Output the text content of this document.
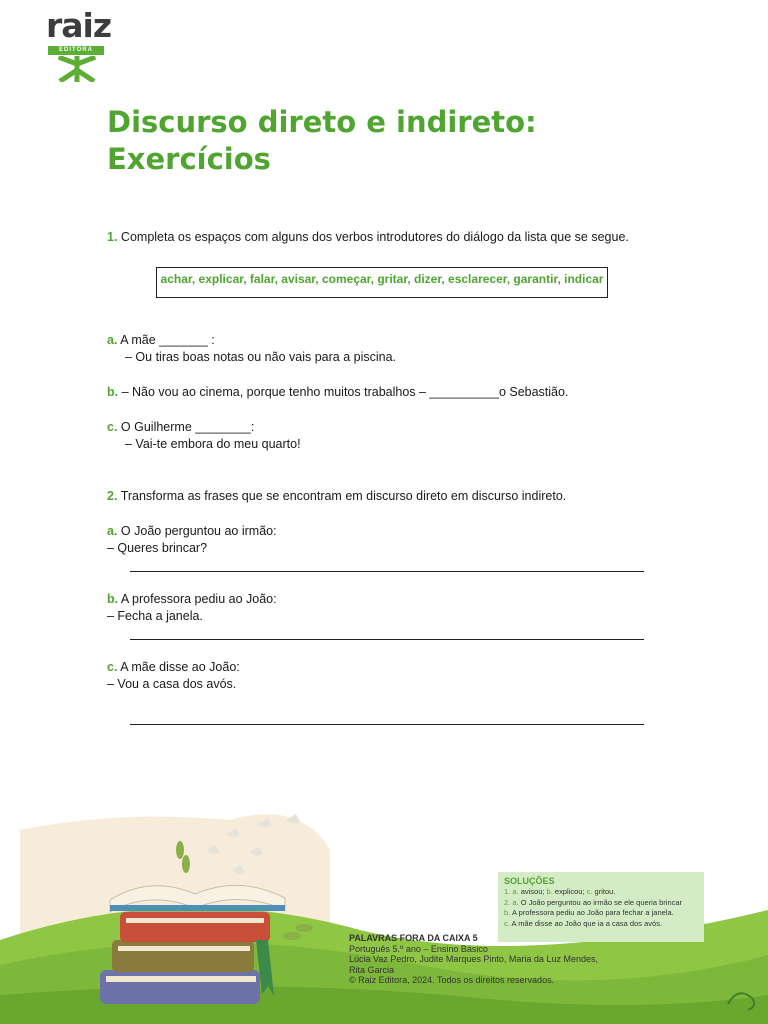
raiz
EDITORA
Discurso direto e indireto:
Exercícios
1. Completa os espaços com alguns dos verbos introdutores do diálogo da lista que se segue.
achar, explicar, falar, avisar, começar, gritar, dizer, esclarecer, garantir, indicar
a. A mãe _______ :
– Ou tiras boas notas ou não vais para a piscina.
b. – Não vou ao cinema, porque tenho muitos trabalhos – __________o Sebastião.
c. O Guilherme ________:
– Vai-te embora do meu quarto!
2. Transforma as frases que se encontram em discurso direto em discurso indireto.
a. O João perguntou ao irmão:
– Queres brincar?
b. A professora pediu ao João:
– Fecha a janela.
c. A mãe disse ao João:
– Vou a casa dos avós.
SOLUÇÕES
1. a. avisou; b. explicou; c. gritou.
2. a. O João perguntou ao irmão se ele queria brincar
b. A professora pediu ao João para fechar a janela.
c. A mãe disse ao João que ia a casa dos avós.
PALAVRAS FORA DA CAIXA 5
Português 5.º ano – Ensino Básico
Lúcia Vaz Pedro, Judite Marques Pinto, Maria da Luz Mendes,
Rita Garcia
© Raiz Editora, 2024. Todos os direitos reservados.
